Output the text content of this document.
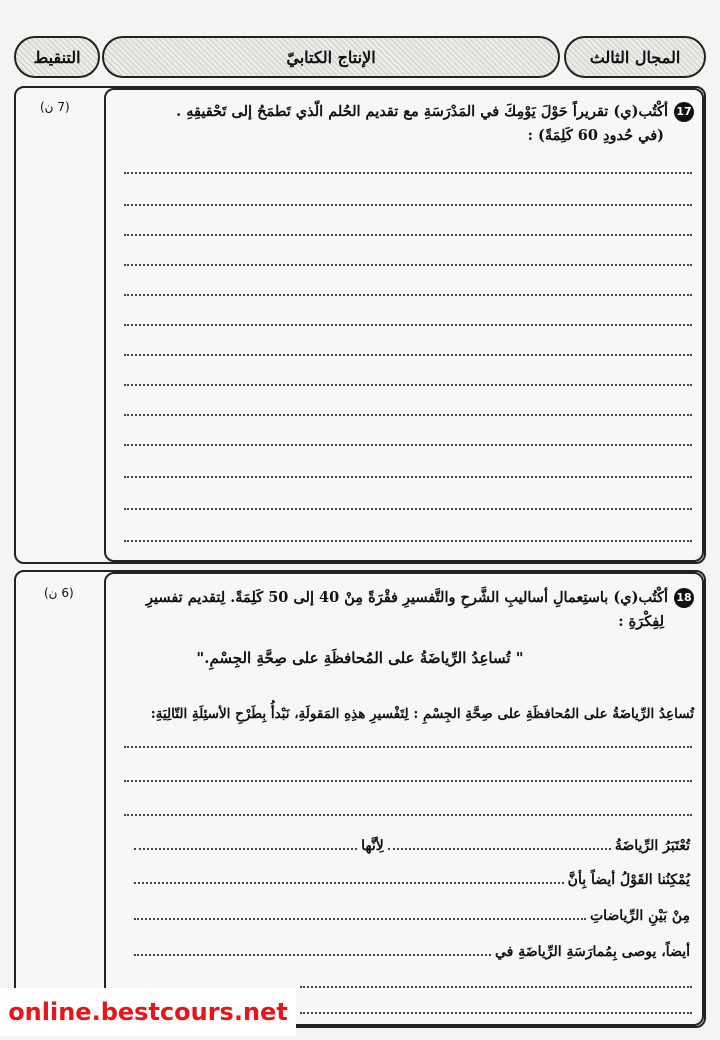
المجال الثالث
الإنتاج الكتابيّ
التنقيط
(7 ن)	17أكْتُب(ي) تقريراً حَوْلَ يَوْمِكَ في المَدْرَسَةِ مع تقديم الحُلم الّذي تَطمَحُ إلى تَحْقيقِهِ .
(في حُدودِ 60 كَلِمَةً) :
(6 ن)	18أكْتُب(ي) باستِعمالِ أساليبِ الشَّرحِ والتَّفسيرِ فقْرَةً مِنْ 40 إلى 50 كَلِمَةً. لِتقديم تفسيرِ
لِفِكْرَةِ :
" تُساعِدُ الرِّياضَةُ على المُحافظَةِ على صِحَّةِ الجِسْمِ."
تُساعِدُ الرِّياضَةُ على المُحافظَةِ على صِحَّةِ الجِسْمِ : لِتَفْسيرِ هذِهِ المَقولَةِ، نَبْدأُ بِطَرْحِ الأسئِلَةِ التّالِيَةِ:
تُعْتَبَرُ الرِّياضَةُ
لِأنَّها
يُمْكِنُنا القَوْلُ أيضاً بِأنَّ
مِنْ بَيْنِ الرِّياضاتِ
أيضاً، يوصى بِمُمارَسَةِ الرِّياضَةِ في
online.bestcours.net
